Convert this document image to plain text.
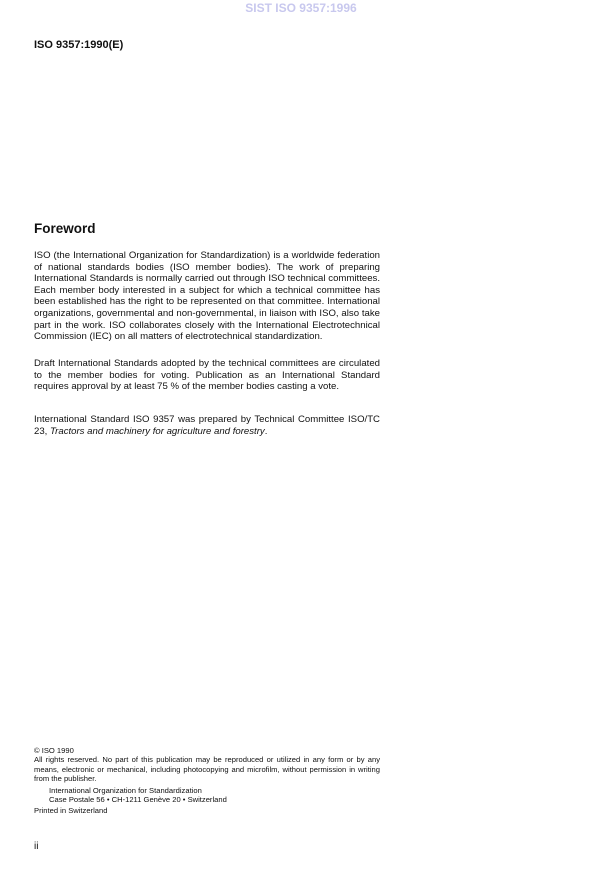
SIST ISO 9357:1996
ISO 9357:1990(E)
Foreword
ISO (the International Organization for Standardization) is a worldwide federation of national standards bodies (ISO member bodies). The work of preparing International Standards is normally carried out through ISO technical committees. Each member body interested in a subject for which a technical committee has been established has the right to be represented on that committee. International organizations, governmental and non-governmental, in liaison with ISO, also take part in the work. ISO collaborates closely with the International Electrotechnical Commission (IEC) on all matters of electrotechnical standardization.
Draft International Standards adopted by the technical committees are circulated to the member bodies for voting. Publication as an International Standard requires approval by at least 75 % of the member bodies casting a vote.
International Standard ISO 9357 was prepared by Technical Committee ISO/TC 23, Tractors and machinery for agriculture and forestry.
© ISO 1990
All rights reserved. No part of this publication may be reproduced or utilized in any form or by any means, electronic or mechanical, including photocopying and microfilm, without permission in writing from the publisher.
International Organization for Standardization
Case Postale 56 • CH-1211 Genève 20 • Switzerland
Printed in Switzerland
ii
